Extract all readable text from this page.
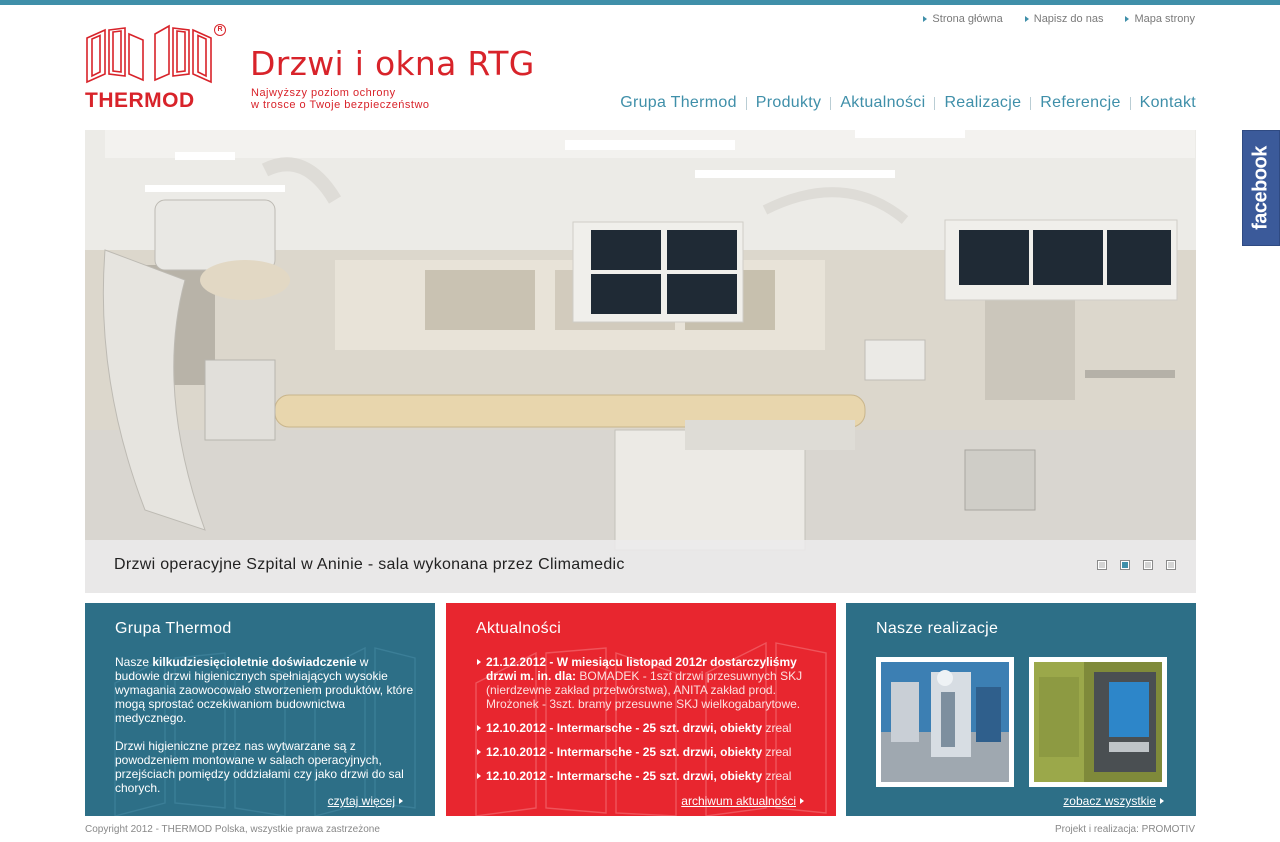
Strona główna	Napisz do nas	Mapa strony
R
THERMOD
Drzwi i okna RTG
Najwyższy poziom ochrony
w trosce o Twoje bezpieczeństwo	Grupa Thermod Produkty Aktualności Realizacje Referencje Kontakt
facebook
Drzwi operacyjne Szpital w Aninie - sala wykonana przez Climamedic
Grupa Thermod

Nasze kilkudziesięcioletnie doświadczenie w budowie drzwi higienicznych spełniających wysokie wymagania zaowocowało stworzeniem produktów, które mogą sprostać oczekiwaniom budownictwa medycznego.

Drzwi higieniczne przez nas wytwarzane są z powodzeniem montowane w salach operacyjnych, przejściach pomiędzy oddziałami czy jako drzwi do sal chorych.

czytaj więcej
Aktualności
21.12.2012 - W miesiącu listopad 2012r dostarczyliśmy drzwi m. in. dla: BOMADEK - 1szt drzwi przesuwnych SKJ (nierdzewne zakład przetwórstwa), ANITA zakład prod. Mrożonek - 3szt. bramy przesuwne SKJ wielkogabarytowe.
12.10.2012 - Intermarsche - 25 szt. drzwi, obiekty zreal
12.10.2012 - Intermarsche - 25 szt. drzwi, obiekty zreal
12.10.2012 - Intermarsche - 25 szt. drzwi, obiekty zreal
archiwum aktualności
Nasze realizacje
zobacz wszystkie
Copyright 2012 - THERMOD Polska, wszystkie prawa zastrzeżone	Projekt i realizacja: PROMOTIV
